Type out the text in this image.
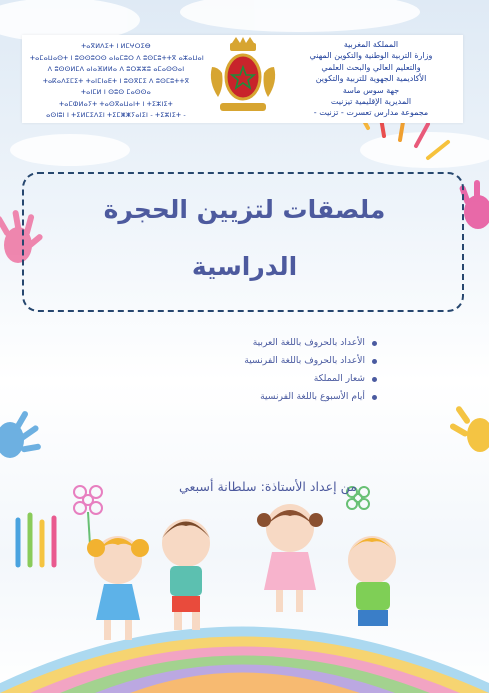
ⵜⴰⴳⵍⴷⵉⵜ ⵏ ⵍⵎⵖⵔⵉⴱ
ⵜⴰⵎⴰⵡⴰⵙⵜ ⵏ ⵓⵙⵙⵓⵔⵙ ⴰⵏⴰⵎⵓⵔ ⴷ ⵓⵙⵎⵓⵜⵜⴳ ⴰⵣⴰⵡⴰⵏ
ⴷ ⵓⵙⵙⵍⵎⴷ ⴰⵏⴰⴼⵍⵍⴰ ⴷ ⵓⵔⵣⵣⵓ ⴰⵎⴰⵙⵙⴰⵏ
ⵜⴰⴽⴰⴷⵉⵎⵉⵜ ⵜⴰⵏⵎⵏⴰⴹⵜ ⵏ ⵓⵙⴳⵎⵉ ⴷ ⵓⵙⵎⵓⵜⵜⴳ
ⵜⴰⵏⵎⵍ ⵏ ⵙⵓⵙ ⵎⴰⵙⵙⴰ
ⵜⴰⵎⵀⵍⴰⵢⵜ ⵜⴰⵙⴳⴰⵡⴰⵏⵜ ⵏ ⵜⵉⵣⵏⵉⵜ
ⴰⵙⵏⵓⵏ ⵏ ⵜⵉⵍⵎⵉⴷⵉⵏ ⵜⵉⵎⵥⵥⵢⴰⵏⵉⵏ - ⵜⵉⵣⵏⵉⵜ -
المملكة المغربية
وزارة التربية الوطنية والتكوين المهني
والتعليم العالي والبحث العلمي
الأكاديمية الجهوية للتربية والتكوين
جهة سوس ماسة
المديرية الإقليمية تيزنيت
مجموعة مدارس تعسرت - تزنيت -
ملصقات لتزيين الحجرة
الدراسية
الأعداد بالحروف باللغة العربية
الأعداد بالحروف باللغة الفرنسية
شعار المملكة
أيام الأسبوع باللغة الفرنسية
من إعداد الأستاذة: سلطانة أسبعي
